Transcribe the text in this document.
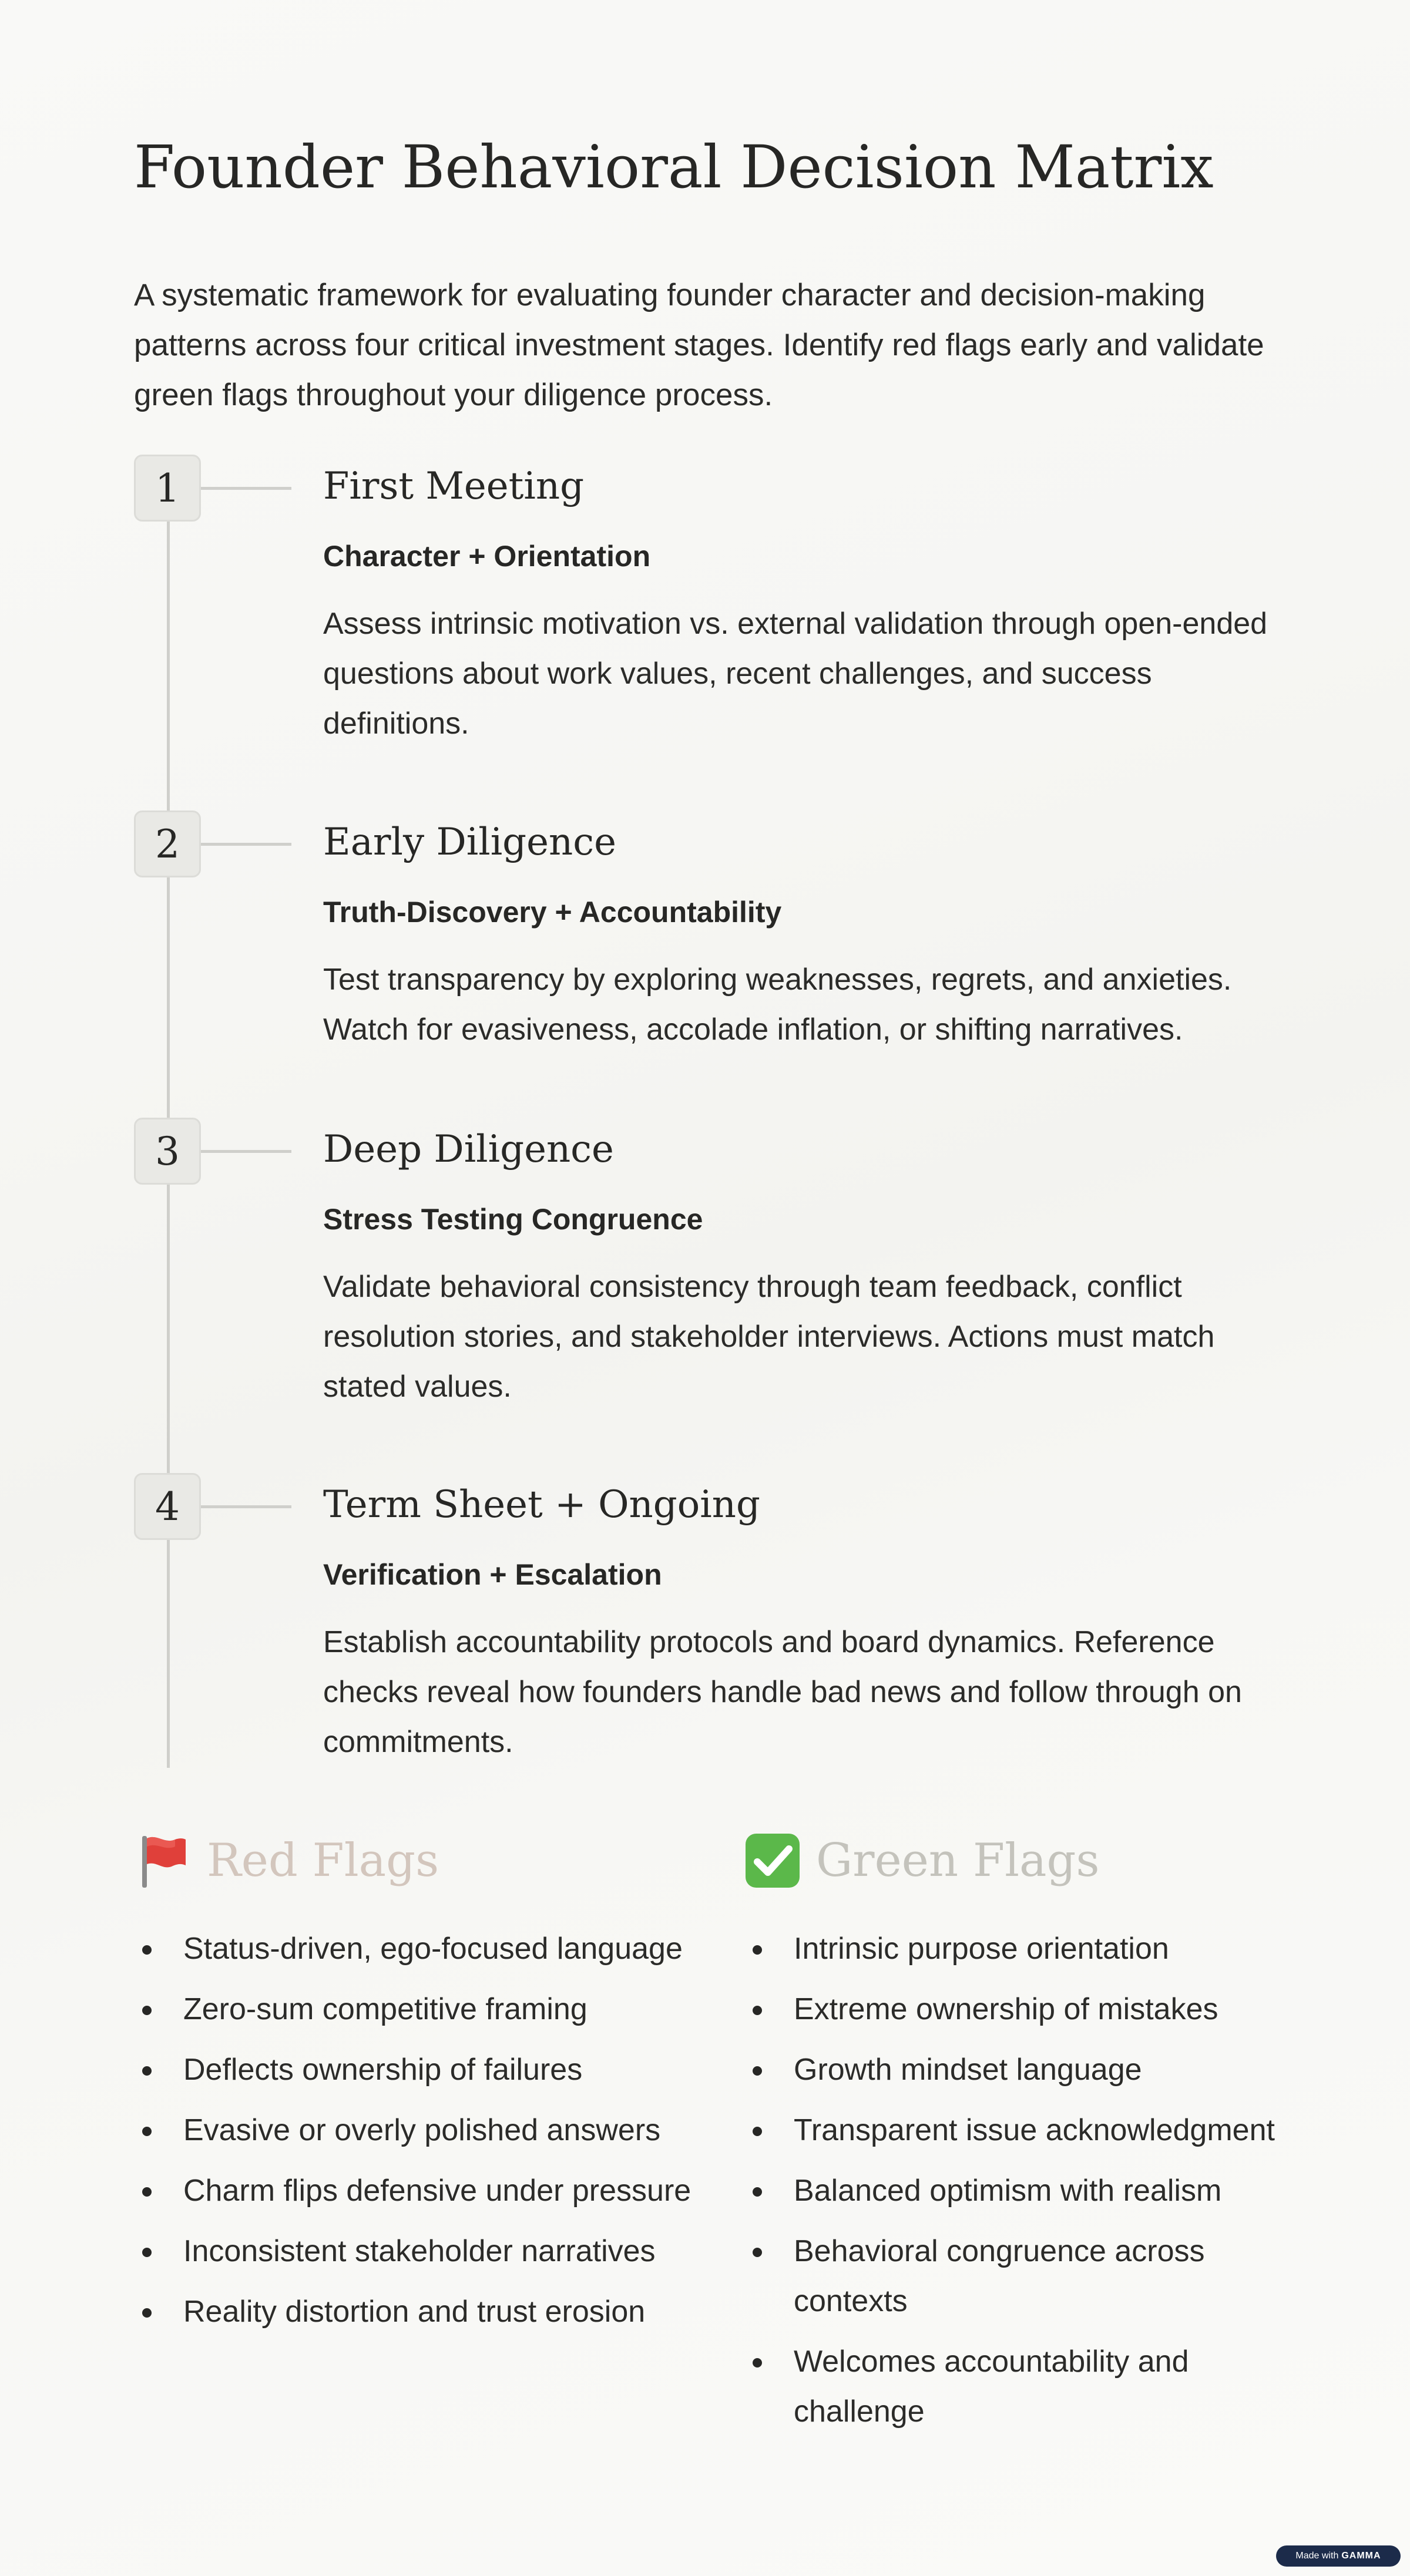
Founder Behavioral Decision Matrix

A systematic framework for evaluating founder character and decision-making patterns across four critical investment stages. Identify red flags early and validate green flags throughout your diligence process.

1	First Meeting

Character + Orientation

Assess intrinsic motivation vs. external validation through open-ended questions about work values, recent challenges, and success definitions.

2	Early Diligence

Truth-Discovery + Accountability

Test transparency by exploring weaknesses, regrets, and anxieties. Watch for evasiveness, accolade inflation, or shifting narratives.

3	Deep Diligence

Stress Testing Congruence

Validate behavioral consistency through team feedback, conflict resolution stories, and stakeholder interviews. Actions must match stated values.

4	Term Sheet + Ongoing

Verification + Escalation

Establish accountability protocols and board dynamics. Reference checks reveal how founders handle bad news and follow through on commitments.

Red Flags
Status-driven, ego-focused language
Zero-sum competitive framing
Deflects ownership of failures
Evasive or overly polished answers
Charm flips defensive under pressure
Inconsistent stakeholder narratives
Reality distortion and trust erosion
Green Flags
Intrinsic purpose orientation
Extreme ownership of mistakes
Growth mindset language
Transparent issue acknowledgment
Balanced optimism with realism
Behavioral congruence across contexts
Welcomes accountability and challenge
Made with GAMMA
